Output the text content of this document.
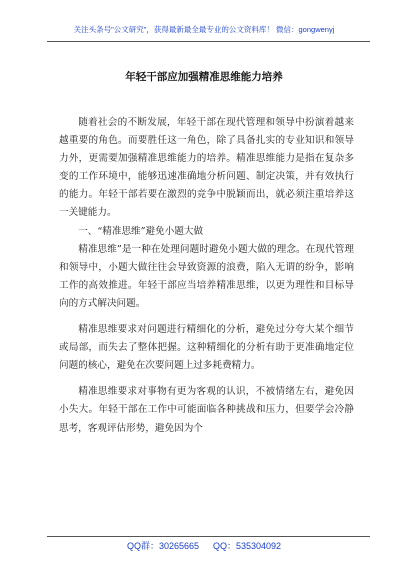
关注头条号"公文研究"，获得最新最全最专业的公文资料库！ 微信：gongwenyj
年轻干部应加强精准思维能力培养

随着社会的不断发展，年轻干部在现代管理和领导中扮演着越来越重要的角色。而要胜任这一角色，除了具备扎实的专业知识和领导力外，更需要加强精准思维能力的培养。精准思维能力是指在复杂多变的工作环境中，能够迅速准确地分析问题、制定决策，并有效执行的能力。年轻干部若要在激烈的竞争中脱颖而出，就必须注重培养这一关键能力。

一、“精准思维”避免小题大做

精准思维”是一种在处理问题时避免小题大做的理念。在现代管理和领导中，小题大做往往会导致资源的浪费，陷入无谓的纷争，影响工作的高效推进。年轻干部应当培养精准思维，以更为理性和目标导向的方式解决问题。

精准思维要求对问题进行精细化的分析，避免过分夸大某个细节或局部，而失去了整体把握。这种精细化的分析有助于更准确地定位问题的核心，避免在次要问题上过多耗费精力。

精准思维要求对事物有更为客观的认识，不被情绪左右，避免因小失大。年轻干部在工作中可能面临各种挑战和压力，但要学会冷静思考，客观评估形势，避免因为个

QQ群：30265665 QQ：535304092
